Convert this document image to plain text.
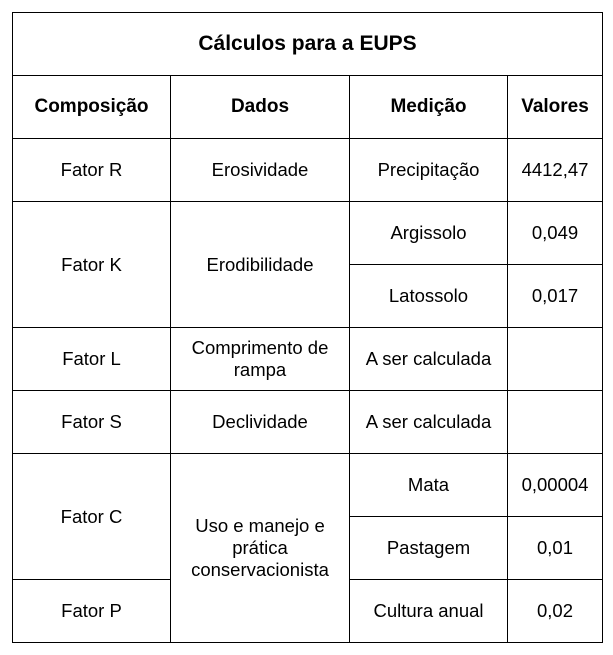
Cálculos para a EUPS			
Composição	Dados	Medição	Valores
Fator R	Erosividade	Precipitação	4412,47
Fator K	Erodibilidade	Argissolo	0,049
		Latossolo	0,017
Fator L	Comprimento de rampa	A ser calculada	
Fator S	Declividade	A ser calculada	
Fator C	Uso e manejo e prática conservacionista	Mata	0,00004
		Pastagem	0,01
Fator P		Cultura anual	0,02
